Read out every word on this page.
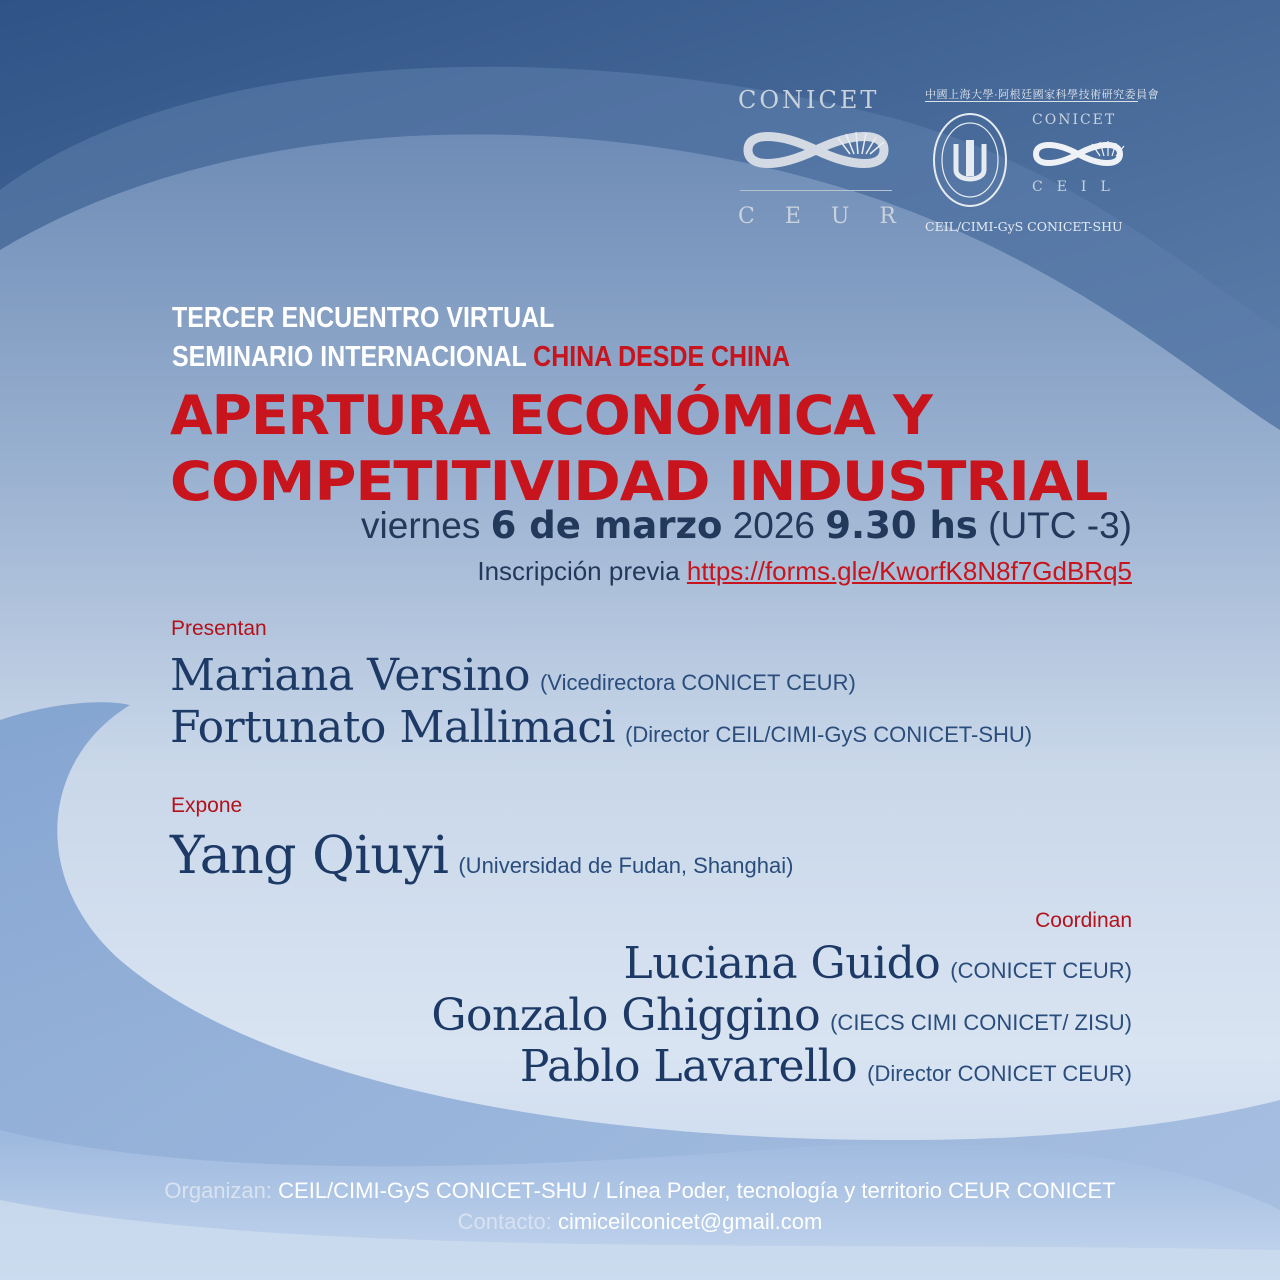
CONICET
CEUR
中國上海大學·阿根廷國家科學技術研究委員會
CONICET
CEIL
CEIL/CIMI-GyS CONICET-SHU
TERCER ENCUENTRO VIRTUAL
SEMINARIO INTERNACIONAL CHINA DESDE CHINA
APERTURA ECONÓMICA Y
COMPETITIVIDAD INDUSTRIAL
viernes 6 de marzo 2026 9.30 hs (UTC -3)
Inscripción previa https://forms.gle/KworfK8N8f7GdBRq5
Presentan
Mariana Versino (Vicedirectora CONICET CEUR)
Fortunato Mallimaci (Director CEIL/CIMI-GyS CONICET-SHU)
Expone
Yang Qiuyi (Universidad de Fudan, Shanghai)
Coordinan
Luciana Guido (CONICET CEUR)
Gonzalo Ghiggino (CIECS CIMI CONICET/ ZISU)
Pablo Lavarello (Director CONICET CEUR)
Organizan: CEIL/CIMI-GyS CONICET-SHU / Línea Poder, tecnología y territorio CEUR CONICET
Contacto: cimiceilconicet@gmail.com
